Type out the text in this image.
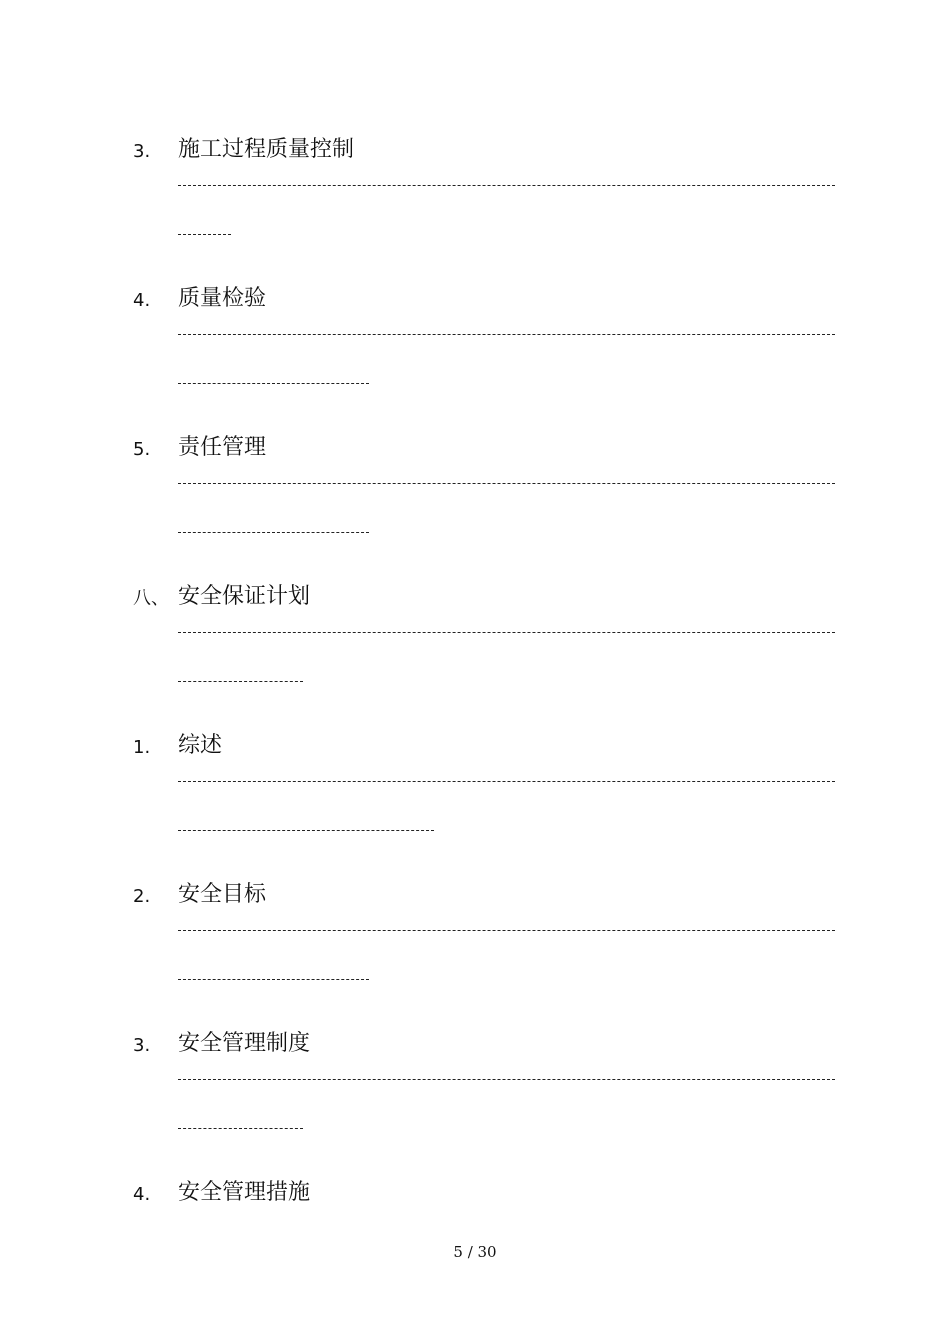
3. 施工过程质量控制
4. 质量检验
5. 责任管理
八、 安全保证计划
1. 综述
2. 安全目标
3. 安全管理制度
4. 安全管理措施
5 / 30
